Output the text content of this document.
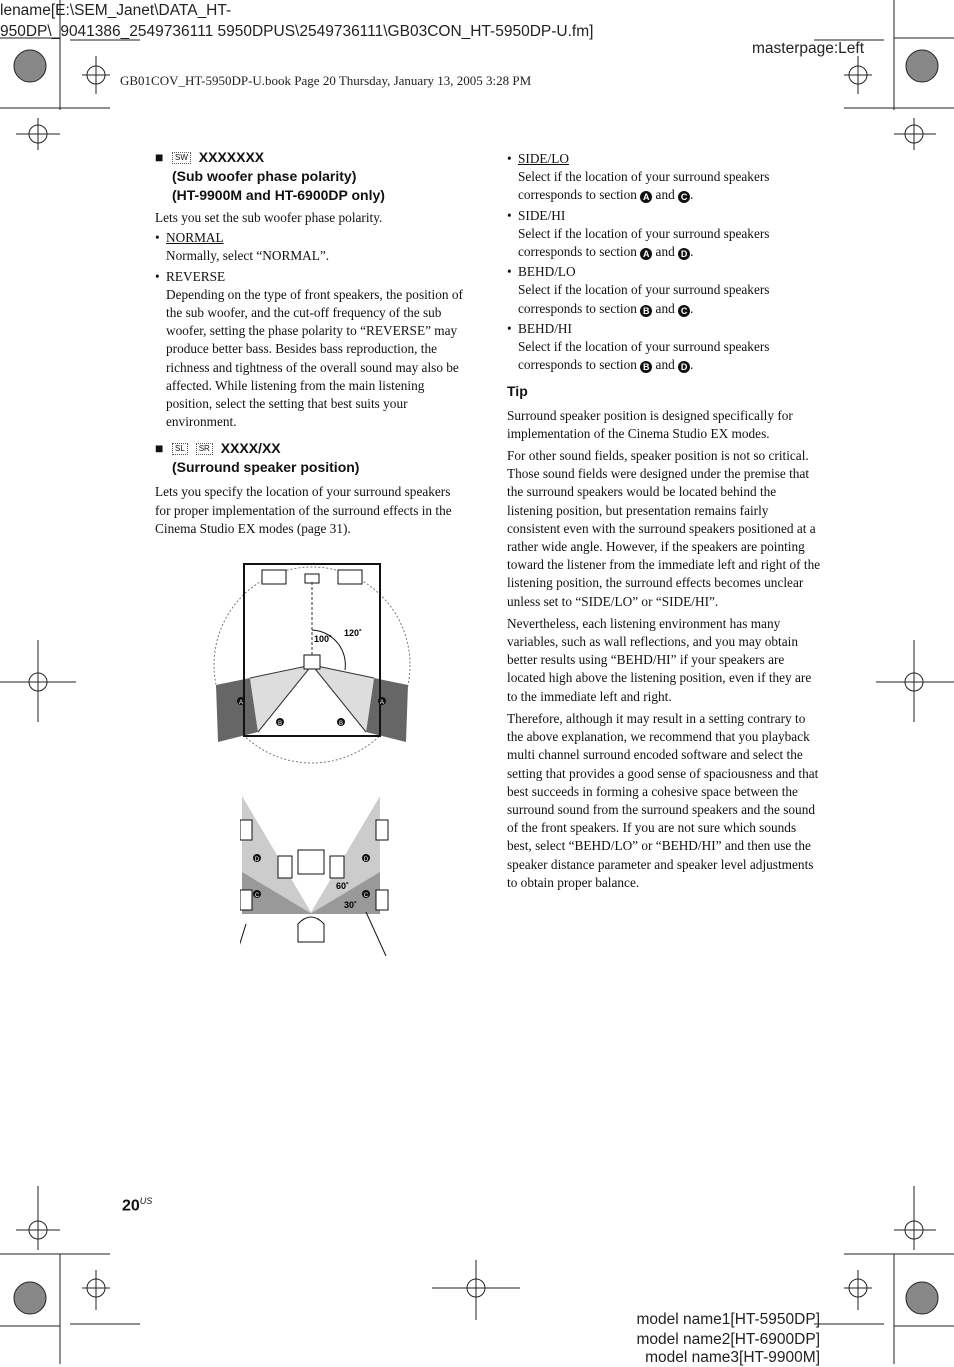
lename[E:\SEM_Janet\DATA_HT-
950DP\_9041386_2549736111 5950DPUS\2549736111\GB03CON_HT-5950DP-U.fm]
masterpage:Left
GB01COV_HT-5950DP-U.book Page 20 Thursday, January 13, 2005 3:28 PM
■ SW XXXXXXX
(Sub woofer phase polarity)
(HT-9900M and HT-6900DP only)

Lets you set the sub woofer phase polarity.

• NORMAL
Normally, select “NORMAL”.
• REVERSE
Depending on the type of front speakers, the position of the sub woofer, and the cut-off frequency of the sub woofer, setting the phase polarity to “REVERSE” may produce better bass. Besides bass reproduction, the richness and tightness of the overall sound may also be affected. While listening from the main listening position, select the setting that best suits your environment.
■ SL SR XXXX/XX
(Surround speaker position)

Lets you specify the location of your surround speakers for proper implementation of the surround effects in the Cinema Studio EX modes (page 31).

100˚
120˚
A	A
B	B
60˚
30˚
D	D
C	C
• SIDE/LO
Select if the location of your surround speakers corresponds to section A and C .
• SIDE/HI
Select if the location of your surround speakers corresponds to section A and D .
• BEHD/LO
Select if the location of your surround speakers corresponds to section B and C .
• BEHD/HI
Select if the location of your surround speakers corresponds to section B and D .
Tip

Surround speaker position is designed specifically for implementation of the Cinema Studio EX modes.

For other sound fields, speaker position is not so critical. Those sound fields were designed under the premise that the surround speakers would be located behind the listening position, but presentation remains fairly consistent even with the surround speakers positioned at a rather wide angle. However, if the speakers are pointing toward the listener from the immediate left and right of the listening position, the surround effects becomes unclear unless set to “SIDE/LO” or “SIDE/HI”.

Nevertheless, each listening environment has many variables, such as wall reflections, and you may obtain better results using “BEHD/HI” if your speakers are located high above the listening position, even if they are to the immediate left and right.

Therefore, although it may result in a setting contrary to the above explanation, we recommend that you playback multi channel surround encoded software and select the setting that provides a good sense of spaciousness and that best succeeds in forming a cohesive space between the surround sound from the surround speakers and the sound of the front speakers. If you are not sure which sounds best, select “BEHD/LO” or “BEHD/HI” and then use the speaker distance parameter and speaker level adjustments to obtain proper balance.

$20^{US}$
model name1[HT-5950DP]
model name2[HT-6900DP]
model name3[HT-9900M]
